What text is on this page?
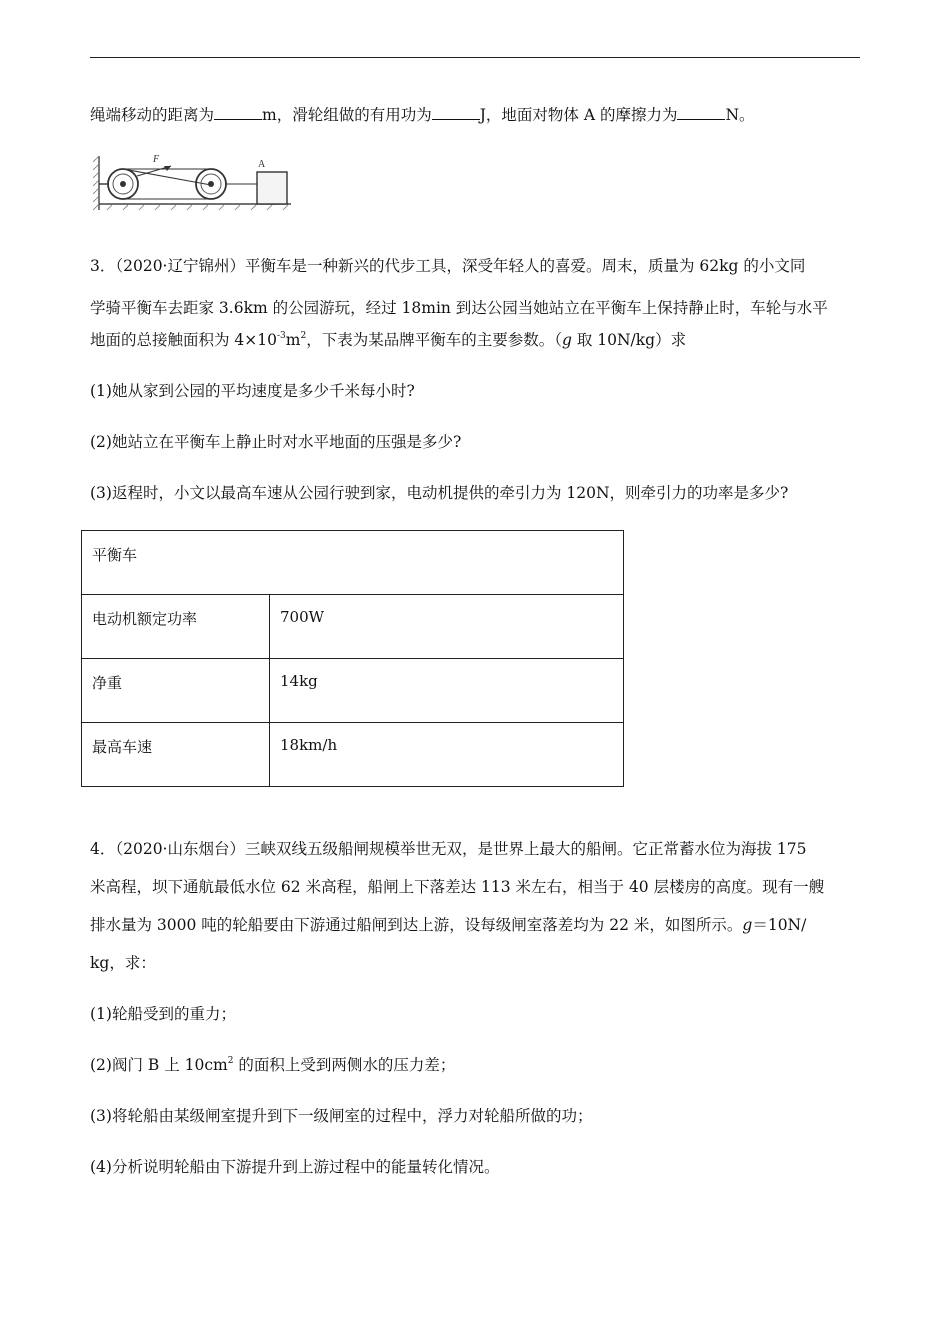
绳端移动的距离为	m，滑轮组做的有用功为	J，地面对物体 A 的摩擦力为	N。
F	A
3．（2020·辽宁锦州）平衡车是一种新兴的代步工具，深受年轻人的喜爱。周末，质量为 62kg 的小文同
学骑平衡车去距家 3.6km 的公园游玩，经过 18min 到达公园当她站立在平衡车上保持静止时，车轮与水平
地面的总接触面积为 $4\times 10^{-3}m^2$，下表为某品牌平衡车的主要参数。（g 取 10N/kg）求
(1)她从家到公园的平均速度是多少千米每小时?
(2)她站立在平衡车上静止时对水平地面的压强是多少?
(3)返程时，小文以最高车速从公园行驶到家，电动机提供的牵引力为 120N，则牵引力的功率是多少?
平衡车	
电动机额定功率	700W
净重	14kg
最高车速	18km/h
4．（2020·山东烟台）三峡双线五级船闸规模举世无双，是世界上最大的船闸。它正常蓄水位为海拔 175
米高程，坝下通航最低水位 62 米高程，船闸上下落差达 113 米左右，相当于 40 层楼房的高度。现有一艘
排水量为 3000 吨的轮船要由下游通过船闸到达上游，设每级闸室落差均为 22 米，如图所示。g＝10N/
kg，求：
(1)轮船受到的重力；
(2)阀门 B 上 $10cm^2$ 的面积上受到两侧水的压力差；
(3)将轮船由某级闸室提升到下一级闸室的过程中，浮力对轮船所做的功；
(4)分析说明轮船由下游提升到上游过程中的能量转化情况。
